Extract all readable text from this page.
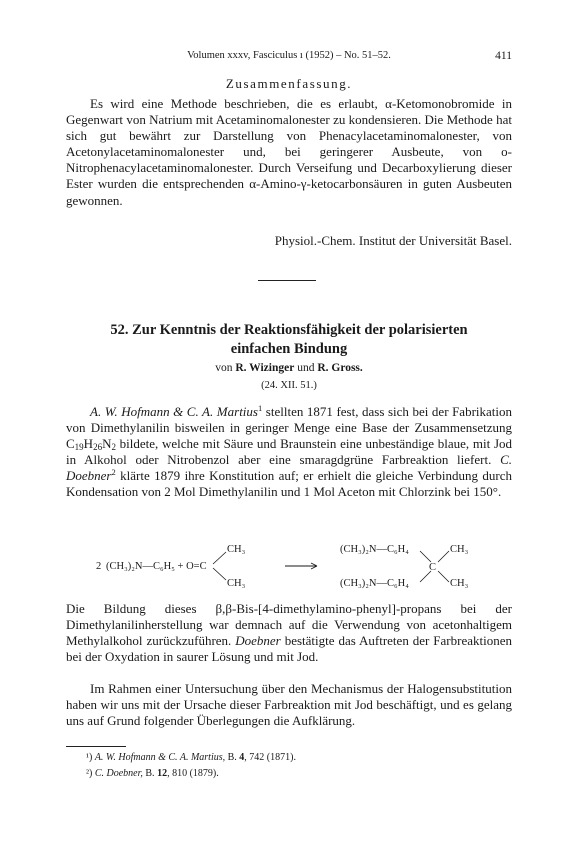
Volumen xxxv, Fasciculus ı (1952) – No. 51–52.	411
Zusammenfassung.

Es wird eine Methode beschrieben, die es erlaubt, α-Ketomonobromide in Gegenwart von Natrium mit Acetaminomalonester zu kondensieren. Die Methode hat sich gut bewährt zur Darstellung von Phenacylacetaminomalonester, von Acetonylacetaminomalonester und, bei geringerer Ausbeute, von o-Nitrophenacylacetaminomalonester. Durch Verseifung und Decarboxylierung dieser Ester wurden die entsprechenden α-Amino-γ-ketocarbonsäuren in guten Ausbeuten gewonnen.

Physiol.-Chem. Institut der Universität Basel.
52. Zur Kenntnis der Reaktionsfähigkeit der polarisierten
einfachen Bindung
von R. Wizinger und R. Gross.
(24. XII. 51.)

A. W. Hofmann & C. A. Martius$^1$ stellten 1871 fest, dass sich bei der Fabrikation von Dimethylanilin bisweilen in geringer Menge eine Base der Zusammensetzung $C_{19}H_{26}N_2$ bildete, welche mit Säure und Braunstein eine unbeständige blaue, mit Jod in Alkohol oder Nitrobenzol aber eine smaragdgrüne Farbreaktion liefert. C. Doebner$^2$ klärte 1879 ihre Konstitution auf; er erhielt die gleiche Verbindung durch Kondensation von 2 Mol Dimethylanilin und 1 Mol Aceton mit Chlorzink bei 150°.

2 (CH₃)₂N—C₆H₅ + O=C
CH₃
CH₃
(CH₃)₂N—C₆H₄
(CH₃)₂N—C₆H₄
C
CH₃
CH₃

Die Bildung dieses β,β-Bis-[4-dimethylamino-phenyl]-propans bei der Dimethylanilinherstellung war demnach auf die Verwendung von acetonhaltigem Methylalkohol zurückzuführen. Doebner bestätigte das Auftreten der Farbreaktionen bei der Oxydation in saurer Lösung und mit Jod.

Im Rahmen einer Untersuchung über den Mechanismus der Halogensubstitution haben wir uns mit der Ursache dieser Farbreaktion mit Jod beschäftigt, und es gelang uns auf Grund folgender Überlegungen die Aufklärung.

¹) A. W. Hofmann & C. A. Martius, B. 4, 742 (1871).
²) C. Doebner, B. 12, 810 (1879).
